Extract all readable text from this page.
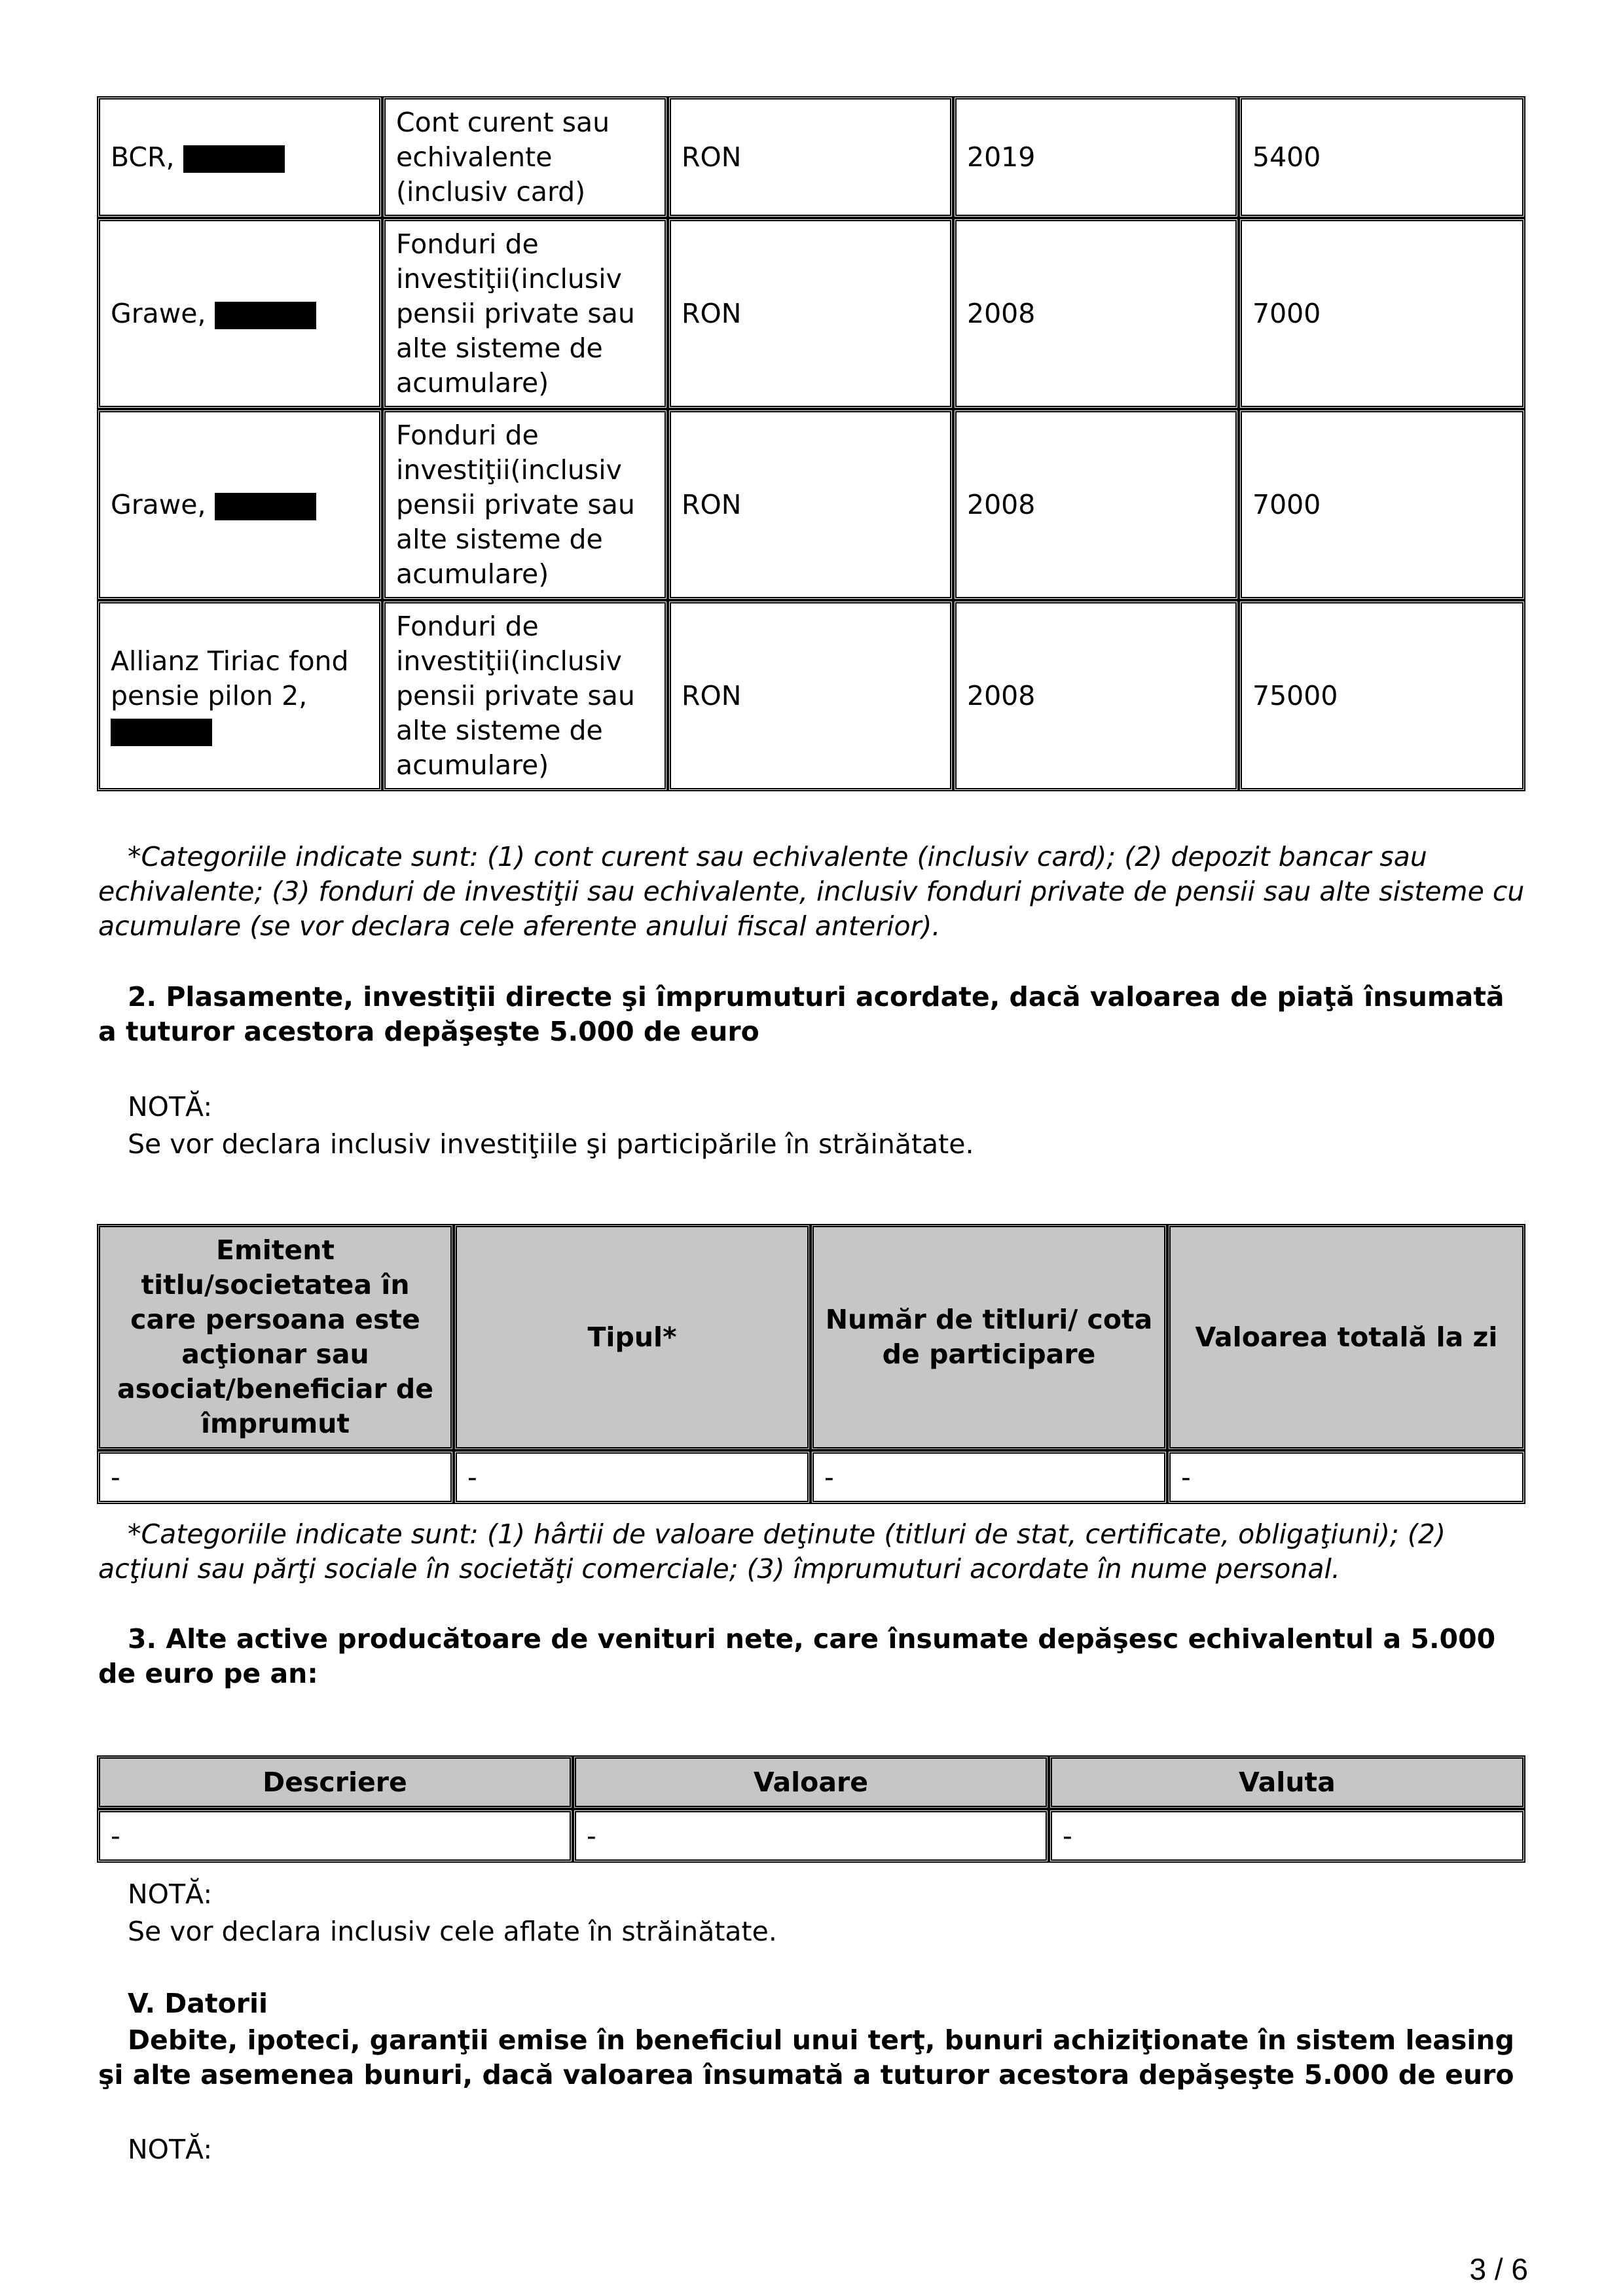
BCR,	Cont curent sau echivalente (inclusiv card)	RON	2019	5400
Grawe,	Fonduri de investiţii(inclusiv pensii private sau alte sisteme de acumulare)	RON	2008	7000
Grawe,	Fonduri de investiţii(inclusiv pensii private sau alte sisteme de acumulare)	RON	2008	7000
Allianz Tiriac fond pensie pilon 2,	Fonduri de investiţii(inclusiv pensii private sau alte sisteme de acumulare)	RON	2008	75000
*Categoriile indicate sunt: (1) cont curent sau echivalente (inclusiv card); (2) depozit bancar sau echivalente; (3) fonduri de investiţii sau echivalente, inclusiv fonduri private de pensii sau alte sisteme cu acumulare (se vor declara cele aferente anului fiscal anterior).
2. Plasamente, investiţii directe şi împrumuturi acordate, dacă valoarea de piaţă însumată a tuturor acestora depăşeşte 5.000 de euro
NOTĂ:
Se vor declara inclusiv investiţiile şi participările în străinătate.
Emitent titlu/societatea în care persoana este acţionar sau asociat/beneficiar de împrumut	Tipul*	Număr de titluri/ cota de participare	Valoarea totală la zi
-	-	-	-
*Categoriile indicate sunt: (1) hârtii de valoare deţinute (titluri de stat, certificate, obligaţiuni); (2) acţiuni sau părţi sociale în societăţi comerciale; (3) împrumuturi acordate în nume personal.
3. Alte active producătoare de venituri nete, care însumate depăşesc echivalentul a 5.000 de euro pe an:
Descriere	Valoare	Valuta
-	-	-
NOTĂ:
Se vor declara inclusiv cele aflate în străinătate.
V. Datorii
Debite, ipoteci, garanţii emise în beneficiul unui terţ, bunuri achiziţionate în sistem leasing şi alte asemenea bunuri, dacă valoarea însumată a tuturor acestora depăşeşte 5.000 de euro
NOTĂ:
3 / 6
